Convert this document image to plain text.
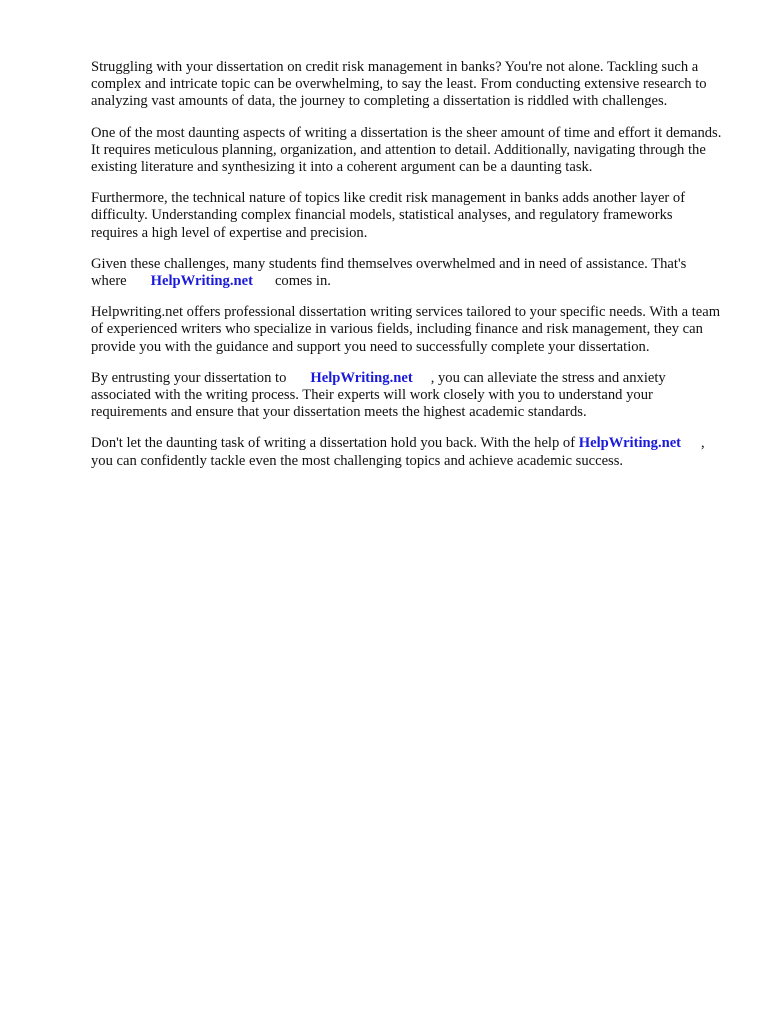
Struggling with your dissertation on credit risk management in banks? You're not alone. Tackling such a complex and intricate topic can be overwhelming, to say the least. From conducting extensive research to analyzing vast amounts of data, the journey to completing a dissertation is riddled with challenges.

One of the most daunting aspects of writing a dissertation is the sheer amount of time and effort it demands. It requires meticulous planning, organization, and attention to detail. Additionally, navigating through the existing literature and synthesizing it into a coherent argument can be a daunting task.

Furthermore, the technical nature of topics like credit risk management in banks adds another layer of difficulty. Understanding complex financial models, statistical analyses, and regulatory frameworks requires a high level of expertise and precision.

Given these challenges, many students find themselves overwhelmed and in need of assistance. That's where HelpWriting.net comes in.

Helpwriting.net offers professional dissertation writing services tailored to your specific needs. With a team of experienced writers who specialize in various fields, including finance and risk management, they can provide you with the guidance and support you need to successfully complete your dissertation.

By entrusting your dissertation to HelpWriting.net , you can alleviate the stress and anxiety associated with the writing process. Their experts will work closely with you to understand your requirements and ensure that your dissertation meets the highest academic standards.

Don't let the daunting task of writing a dissertation hold you back. With the help of HelpWriting.net , you can confidently tackle even the most challenging topics and achieve academic success.
